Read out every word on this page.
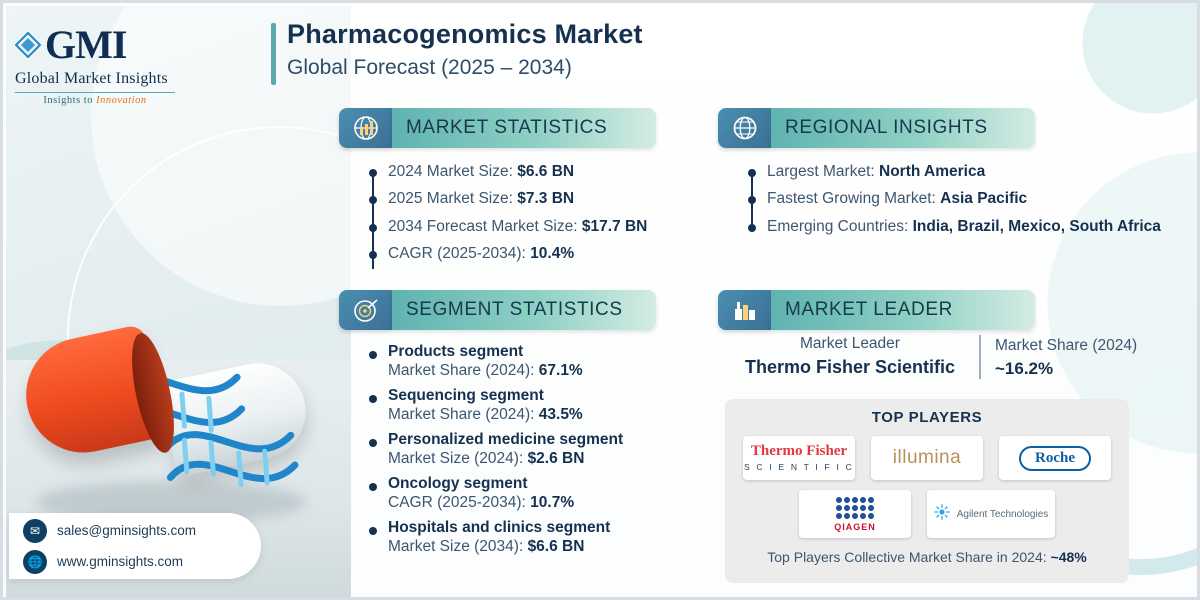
GMI
Global Market Insights
Insights to Innovation
✉	sales@gminsights.com
🌐	www.gminsights.com
Pharmacogenomics Market
Global Forecast (2025 – 2034)
MARKET STATISTICS
2024 Market Size: $6.6 BN
2025 Market Size: $7.3 BN
2034 Forecast Market Size: $17.7 BN
CAGR (2025-2034): 10.4%
SEGMENT STATISTICS
Products segment
Market Share (2024): 67.1%
Sequencing segment
Market Share (2024): 43.5%
Personalized medicine segment
Market Size (2024): $2.6 BN
Oncology segment
CAGR (2025-2034): 10.7%
Hospitals and clinics segment
Market Size (2034): $6.6 BN
REGIONAL INSIGHTS
Largest Market: North America
Fastest Growing Market: Asia Pacific
Emerging Countries: India, Brazil, Mexico, South Africa
MARKET LEADER
Market Leader
Thermo Fisher Scientific
Market Share (2024)
~16.2%
TOP PLAYERS
Thermo Fisher
S C I E N T I F I C illumina	Roche
QIAGEN
Agilent Technologies
Top Players Collective Market Share in 2024: ~48%
